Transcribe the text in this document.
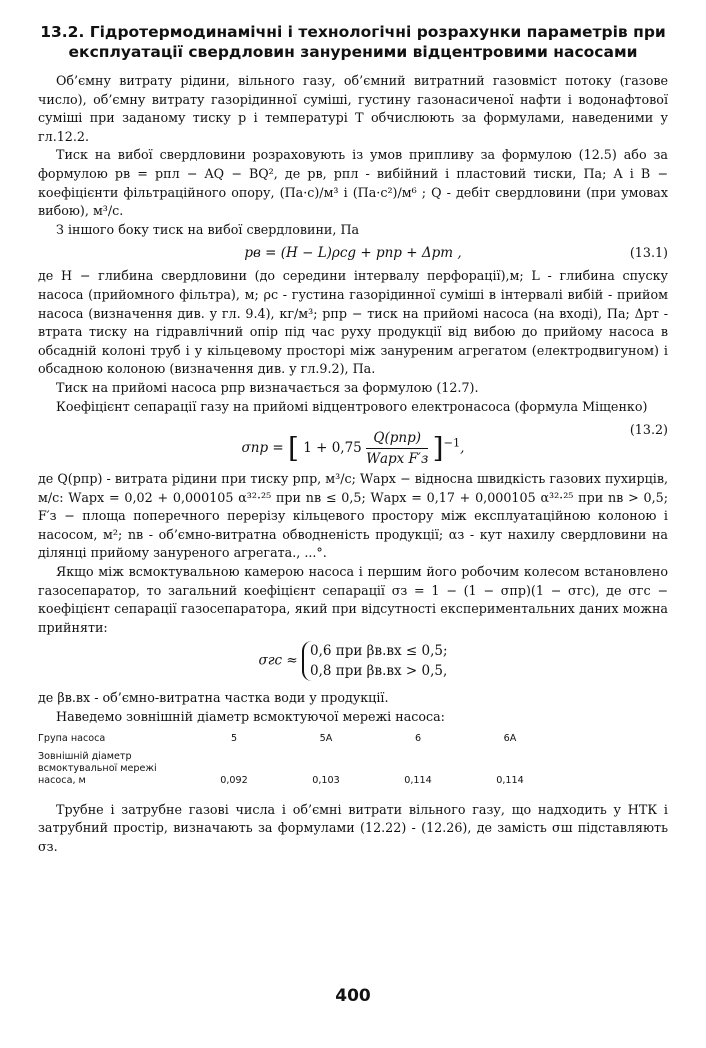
13.2. Гідротермодинамічні і технологічні розрахунки параметрів при експлуатації свердловин зануреними відцентровими насосами

Об’ємну витрату рідини, вільного газу, об’ємний витратний газовміст потоку (газове число), об’ємну витрату газорідинної суміші, густину газонасиченої нафти і водонафтової суміші при заданому тиску p і температурі T обчислюють за формулами, наведеними у гл.12.2.

Тиск на вибої свердловини розраховують із умов припливу за формулою (12.5) або за формулою pв = pпл − AQ − BQ², де pв, pпл - вибійний і пластовий тиски, Па; A і B − коефіцієнти фільтраційного опору, (Па·с)/м³ і (Па·с²)/м⁶ ; Q - дебіт свердловини (при умовах вибою), м³/с.

З іншого боку тиск на вибої свердловини, Па

pв = (H − L)ρсg + pпр + Δpт ,	(13.1)

де H − глибина свердловини (до середини інтервалу перфорації),м; L - глибина спуску насоса (прийомного фільтра), м; ρс - густина газорідинної суміші в інтервалі вибій - прийом насоса (визначення див. у гл. 9.4), кг/м³; pпр − тиск на прийомі насоса (на вході), Па; Δpт - втрата тиску на гідравлічний опір під час руху продукції від вибою до прийому насоса в обсадній колоні труб і у кільцевому просторі між зануреним агрегатом (електродвигуном) і обсадною колоною (визначення див. у гл.9.2), Па.

Тиск на прийомі насоса pпр визначається за формулою (12.7).

Коефіцієнт сепарації газу на прийомі відцентрового електронасоса (формула Міщенко)

σпр = [ $1 + 0,75 \frac{\text{Q(pпр)}}{\text{Wарх F′з}} ]^{-1}$,
(13.2)

де Q(pпр) - витрата рідини при тиску pпр, м³/с; Wарх − відносна швидкість газових пухирців, м/с: Wарх = 0,02 + 0,000105 α³²·²⁵ при nв ≤ 0,5; Wарх = 0,17 + 0,000105 α³²·²⁵ при nв > 0,5; F′з − площа поперечного перерізу кільцевого простору між експлуатаційною колоною і насосом, м²; nв - об’ємно-витратна обводненість продукції; αз - кут нахилу свердловини на ділянці прийому зануреного агрегата., ...°.

Якщо між всмоктувальною камерою насоса і першим його робочим колесом встановлено газосепаратор, то загальний коефіцієнт сепарації σз = 1 − (1 − σпр)(1 − σгс), де σгс − коефіцієнт сепарації газосепаратора, який при відсутності експериментальних даних можна прийняти:

σгс ≈
0,6 при βв.вх ≤ 0,5;
0,8 при βв.вх > 0,5,

де βв.вх - об’ємно-витратна частка води у продукції.

Наведемо зовнішній діаметр всмоктуючої мережі насоса:

Група насоса	5	5А	6	6А
Зовнішній діаметр всмоктувальної мережі насоса, м	0,092	0,103	0,114	0,114

Трубне і затрубне газові числа і об’ємні витрати вільного газу, що надходить у НТК і затрубний простір, визначають за формулами (12.22) - (12.26), де замість σш підставляють σз.

400
